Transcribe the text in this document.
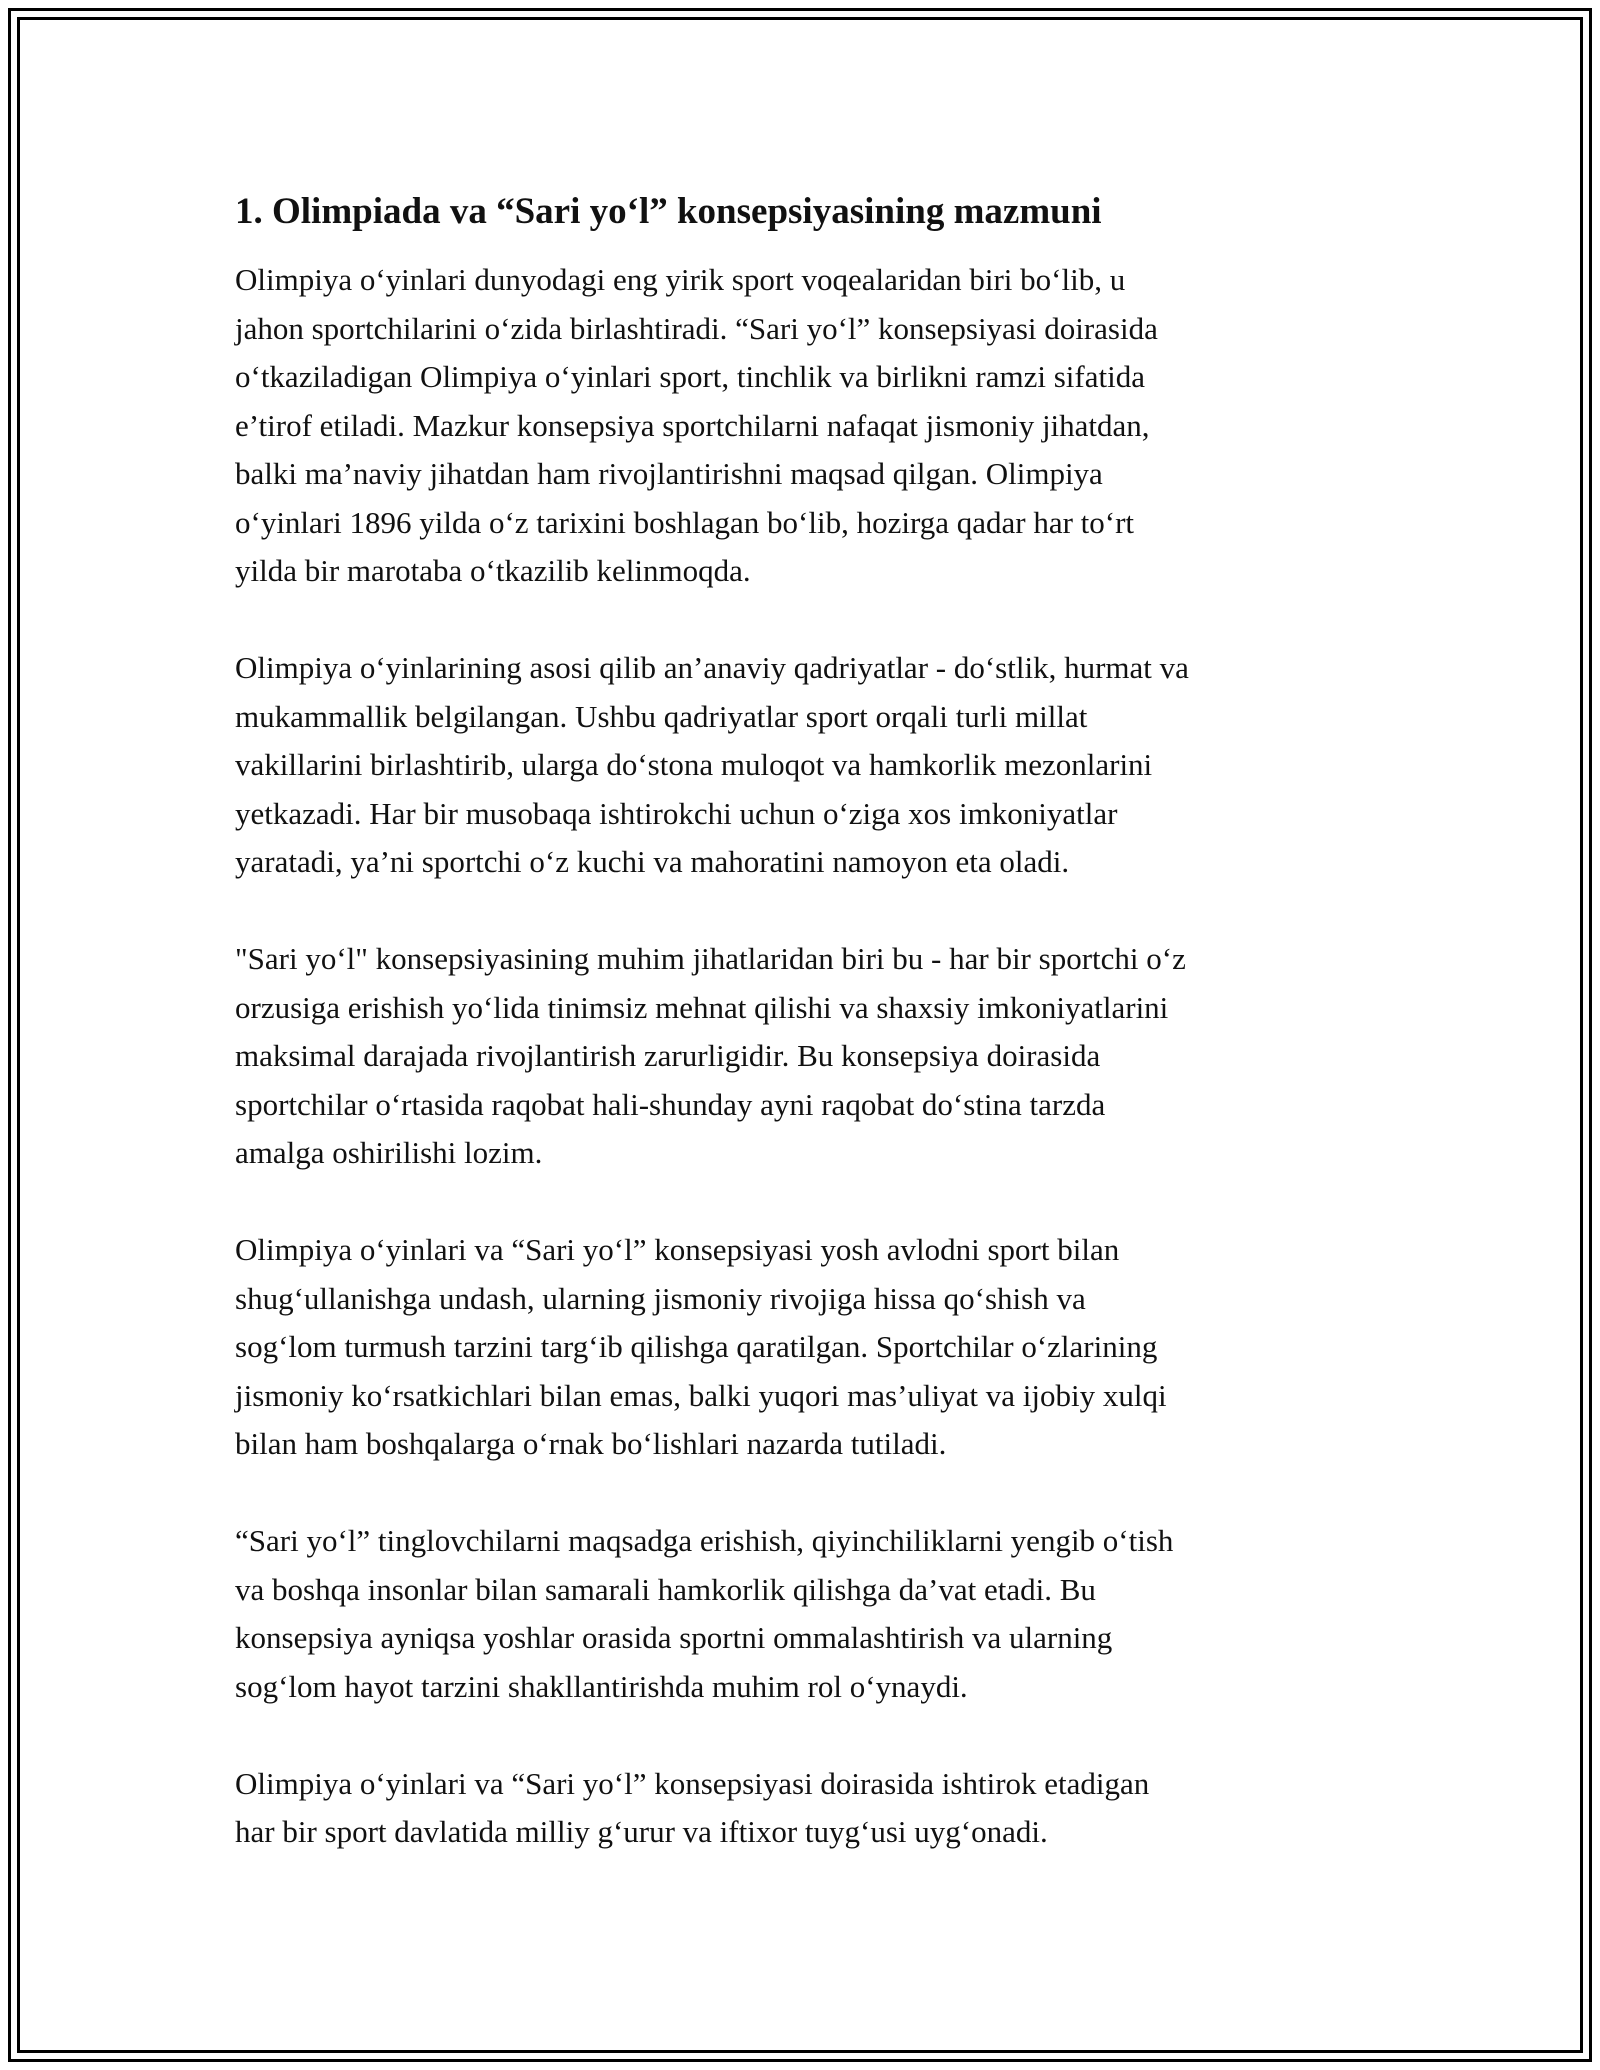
1. Olimpiada va “Sari yo‘l” konsepsiyasining mazmuni
Olimpiya o‘yinlari dunyodagi eng yirik sport voqealaridan biri bo‘lib, u
jahon sportchilarini o‘zida birlashtiradi. “Sari yo‘l” konsepsiyasi doirasida
o‘tkaziladigan Olimpiya o‘yinlari sport, tinchlik va birlikni ramzi sifatida
e’tirof etiladi. Mazkur konsepsiya sportchilarni nafaqat jismoniy jihatdan,
balki ma’naviy jihatdan ham rivojlantirishni maqsad qilgan. Olimpiya
o‘yinlari 1896 yilda o‘z tarixini boshlagan bo‘lib, hozirga qadar har to‘rt
yilda bir marotaba o‘tkazilib kelinmoqda.
Olimpiya o‘yinlarining asosi qilib an’anaviy qadriyatlar - do‘stlik, hurmat va
mukammallik belgilangan. Ushbu qadriyatlar sport orqali turli millat
vakillarini birlashtirib, ularga do‘stona muloqot va hamkorlik mezonlarini
yetkazadi. Har bir musobaqa ishtirokchi uchun o‘ziga xos imkoniyatlar
yaratadi, ya’ni sportchi o‘z kuchi va mahoratini namoyon eta oladi.
"Sari yo‘l" konsepsiyasining muhim jihatlaridan biri bu - har bir sportchi o‘z
orzusiga erishish yo‘lida tinimsiz mehnat qilishi va shaxsiy imkoniyatlarini
maksimal darajada rivojlantirish zarurligidir. Bu konsepsiya doirasida
sportchilar o‘rtasida raqobat hali-shunday ayni raqobat do‘stina tarzda
amalga oshirilishi lozim.
Olimpiya o‘yinlari va “Sari yo‘l” konsepsiyasi yosh avlodni sport bilan
shug‘ullanishga undash, ularning jismoniy rivojiga hissa qo‘shish va
sog‘lom turmush tarzini targ‘ib qilishga qaratilgan. Sportchilar o‘zlarining
jismoniy ko‘rsatkichlari bilan emas, balki yuqori mas’uliyat va ijobiy xulqi
bilan ham boshqalarga o‘rnak bo‘lishlari nazarda tutiladi.
“Sari yo‘l” tinglovchilarni maqsadga erishish, qiyinchiliklarni yengib o‘tish
va boshqa insonlar bilan samarali hamkorlik qilishga da’vat etadi. Bu
konsepsiya ayniqsa yoshlar orasida sportni ommalashtirish va ularning
sog‘lom hayot tarzini shakllantirishda muhim rol o‘ynaydi.
Olimpiya o‘yinlari va “Sari yo‘l” konsepsiyasi doirasida ishtirok etadigan
har bir sport davlatida milliy g‘urur va iftixor tuyg‘usi uyg‘onadi.
